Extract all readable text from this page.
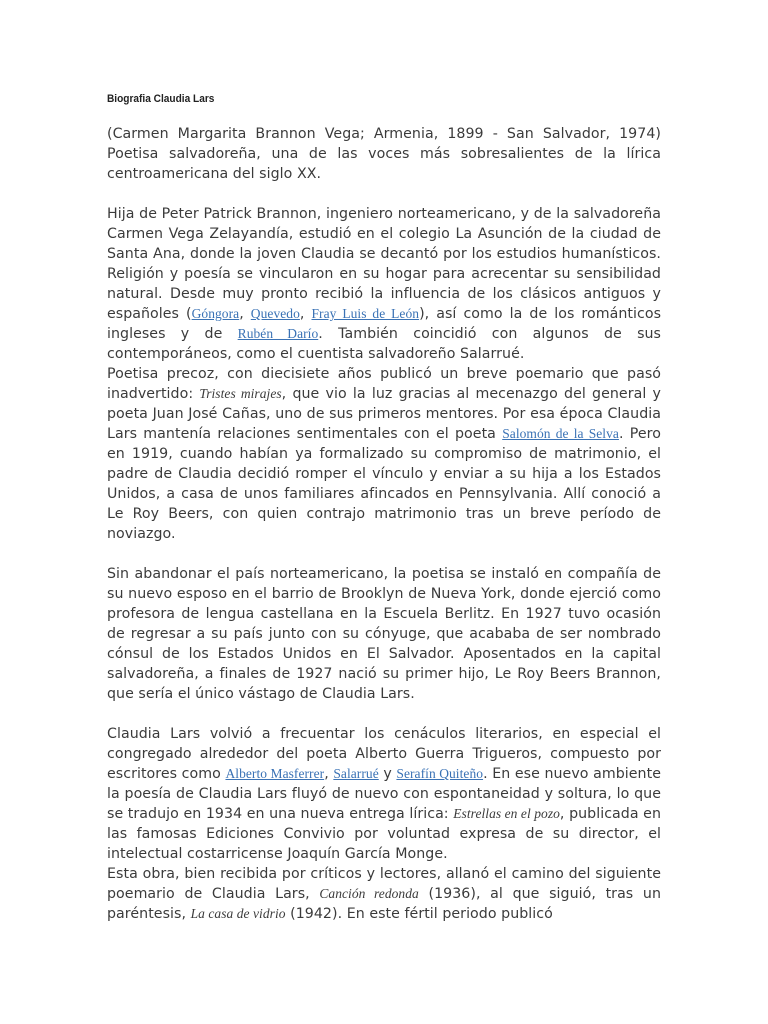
Biografia Claudia Lars

(Carmen Margarita Brannon Vega; Armenia, 1899 - San Salvador, 1974) Poetisa salvadoreña, una de las voces más sobresalientes de la lírica centroamericana del siglo XX.

Hija de Peter Patrick Brannon, ingeniero norteamericano, y de la salvadoreña Carmen Vega Zelayandía, estudió en el colegio La Asunción de la ciudad de Santa Ana, donde la joven Claudia se decantó por los estudios humanísticos. Religión y poesía se vincularon en su hogar para acrecentar su sensibilidad natural. Desde muy pronto recibió la influencia de los clásicos antiguos y españoles (Góngora, Quevedo, Fray Luis de León), así como la de los románticos ingleses y de Rubén Darío. También coincidió con algunos de sus contemporáneos, como el cuentista salvadoreño Salarrué.

Poetisa precoz, con diecisiete años publicó un breve poemario que pasó inadvertido: Tristes mirajes, que vio la luz gracias al mecenazgo del general y poeta Juan José Cañas, uno de sus primeros mentores. Por esa época Claudia Lars mantenía relaciones sentimentales con el poeta Salomón de la Selva. Pero en 1919, cuando habían ya formalizado su compromiso de matrimonio, el padre de Claudia decidió romper el vínculo y enviar a su hija a los Estados Unidos, a casa de unos familiares afincados en Pennsylvania. Allí conoció a Le Roy Beers, con quien contrajo matrimonio tras un breve período de noviazgo.

Sin abandonar el país norteamericano, la poetisa se instaló en compañía de su nuevo esposo en el barrio de Brooklyn de Nueva York, donde ejerció como profesora de lengua castellana en la Escuela Berlitz. En 1927 tuvo ocasión de regresar a su país junto con su cónyuge, que acababa de ser nombrado cónsul de los Estados Unidos en El Salvador. Aposentados en la capital salvadoreña, a finales de 1927 nació su primer hijo, Le Roy Beers Brannon, que sería el único vástago de Claudia Lars.

Claudia Lars volvió a frecuentar los cenáculos literarios, en especial el congregado alrededor del poeta Alberto Guerra Trigueros, compuesto por escritores como Alberto Masferrer, Salarrué y Serafín Quiteño. En ese nuevo ambiente la poesía de Claudia Lars fluyó de nuevo con espontaneidad y soltura, lo que se tradujo en 1934 en una nueva entrega lírica: Estrellas en el pozo, publicada en las famosas Ediciones Convivio por voluntad expresa de su director, el intelectual costarricense Joaquín García Monge.

Esta obra, bien recibida por críticos y lectores, allanó el camino del siguiente poemario de Claudia Lars, Canción redonda (1936), al que siguió, tras un paréntesis, La casa de vidrio (1942). En este fértil periodo publicó
